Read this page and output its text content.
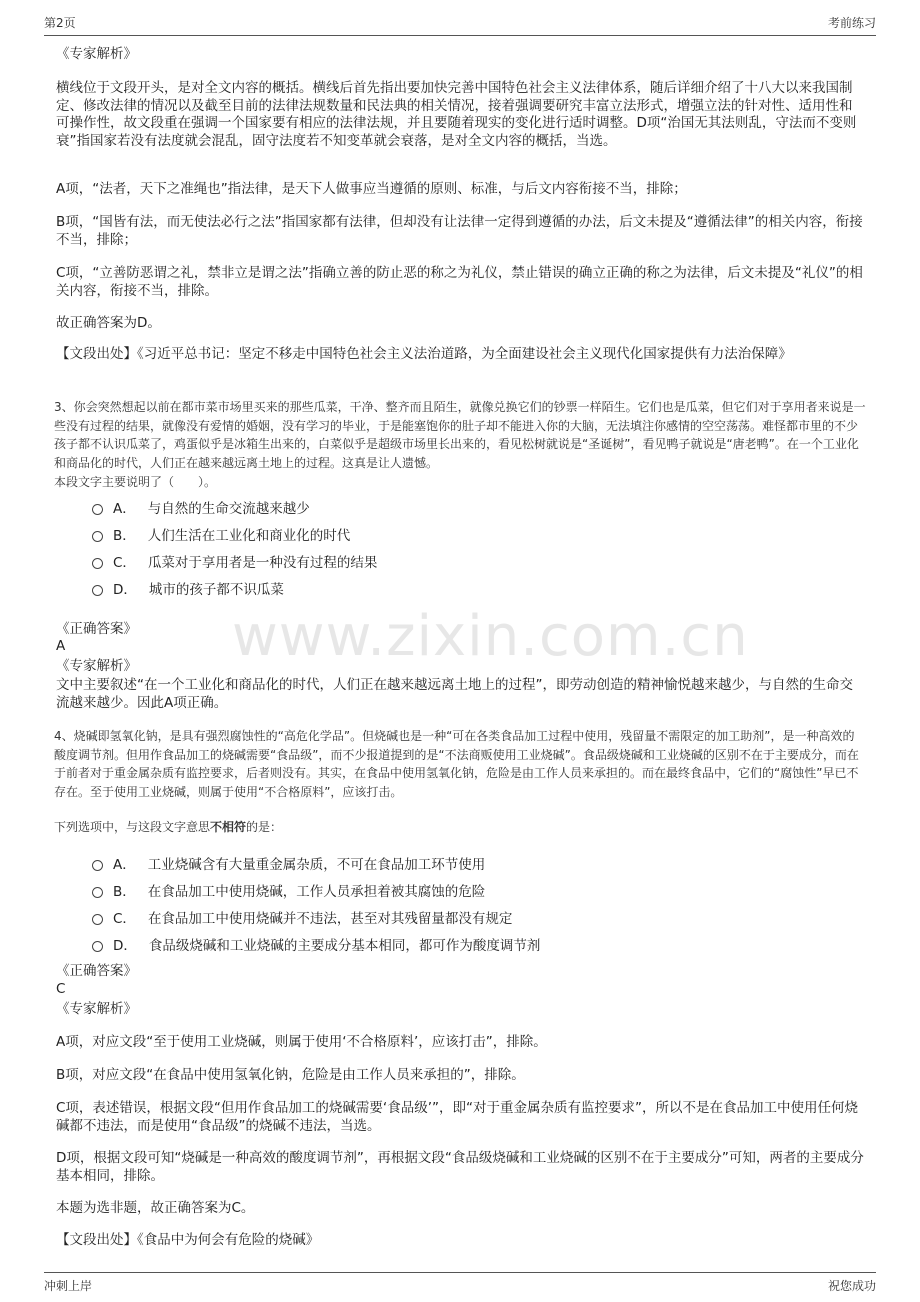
第2页	考前练习
www.zixin.com.cn
《专家解析》
横线位于文段开头，是对全文内容的概括。横线后首先指出要加快完善中国特色社会主义法律体系，随后详细介绍了十八大以来我国制定、修改法律的情况以及截至目前的法律法规数量和民法典的相关情况，接着强调要研究丰富立法形式，增强立法的针对性、适用性和可操作性，故文段重在强调一个国家要有相应的法律法规，并且要随着现实的变化进行适时调整。D项“治国无其法则乱，守法而不变则衰”指国家若没有法度就会混乱，固守法度若不知变革就会衰落，是对全文内容的概括，当选。
A项，“法者，天下之准绳也”指法律，是天下人做事应当遵循的原则、标准，与后文内容衔接不当，排除；
B项，“国皆有法，而无使法必行之法”指国家都有法律，但却没有让法律一定得到遵循的办法，后文未提及“遵循法律”的相关内容，衔接不当，排除；
C项，“立善防恶谓之礼，禁非立是谓之法”指确立善的防止恶的称之为礼仪，禁止错误的确立正确的称之为法律，后文未提及“礼仪”的相关内容，衔接不当，排除。
故正确答案为D。
【文段出处】《习近平总书记：坚定不移走中国特色社会主义法治道路，为全面建设社会主义现代化国家提供有力法治保障》
3、你会突然想起以前在都市菜市场里买来的那些瓜菜，干净、整齐而且陌生，就像兑换它们的钞票一样陌生。它们也是瓜菜，但它们对于享用者来说是一些没有过程的结果，就像没有爱情的婚姻，没有学习的毕业，于是能塞饱你的肚子却不能进入你的大脑，无法填注你感情的空空荡荡。难怪都市里的不少孩子都不认识瓜菜了，鸡蛋似乎是冰箱生出来的，白菜似乎是超级市场里长出来的，看见松树就说是“圣诞树”，看见鸭子就说是“唐老鸭”。在一个工业化和商品化的时代，人们正在越来越远离土地上的过程。这真是让人遗憾。
本段文字主要说明了（　　）。
A． 与自然的生命交流越来越少
B． 人们生活在工业化和商业化的时代
C． 瓜菜对于享用者是一种没有过程的结果
D． 城市的孩子都不识瓜菜
《正确答案》
A
《专家解析》
文中主要叙述“在一个工业化和商品化的时代，人们正在越来越远离土地上的过程”，即劳动创造的精神愉悦越来越少，与自然的生命交流越来越少。因此A项正确。
4、烧碱即氢氧化钠，是具有强烈腐蚀性的“高危化学品”。但烧碱也是一种“可在各类食品加工过程中使用，残留量不需限定的加工助剂”，是一种高效的酸度调节剂。但用作食品加工的烧碱需要“食品级”，而不少报道提到的是“不法商贩使用工业烧碱”。食品级烧碱和工业烧碱的区别不在于主要成分，而在于前者对于重金属杂质有监控要求，后者则没有。其实，在食品中使用氢氧化钠，危险是由工作人员来承担的。而在最终食品中，它们的“腐蚀性”早已不存在。至于使用工业烧碱，则属于使用“不合格原料”，应该打击。
下列选项中，与这段文字意思不相符的是：
A． 工业烧碱含有大量重金属杂质，不可在食品加工环节使用
B． 在食品加工中使用烧碱，工作人员承担着被其腐蚀的危险
C． 在食品加工中使用烧碱并不违法，甚至对其残留量都没有规定
D． 食品级烧碱和工业烧碱的主要成分基本相同，都可作为酸度调节剂
《正确答案》
C
《专家解析》
A项，对应文段“至于使用工业烧碱，则属于使用‘不合格原料’，应该打击”，排除。
B项，对应文段“在食品中使用氢氧化钠，危险是由工作人员来承担的”，排除。
C项，表述错误，根据文段“但用作食品加工的烧碱需要‘食品级’”，即“对于重金属杂质有监控要求”，所以不是在食品加工中使用任何烧碱都不违法，而是使用“食品级”的烧碱不违法，当选。
D项，根据文段可知“烧碱是一种高效的酸度调节剂”，再根据文段“食品级烧碱和工业烧碱的区别不在于主要成分”可知，两者的主要成分基本相同，排除。
本题为选非题，故正确答案为C。
【文段出处】《食品中为何会有危险的烧碱》
冲刺上岸	祝您成功
